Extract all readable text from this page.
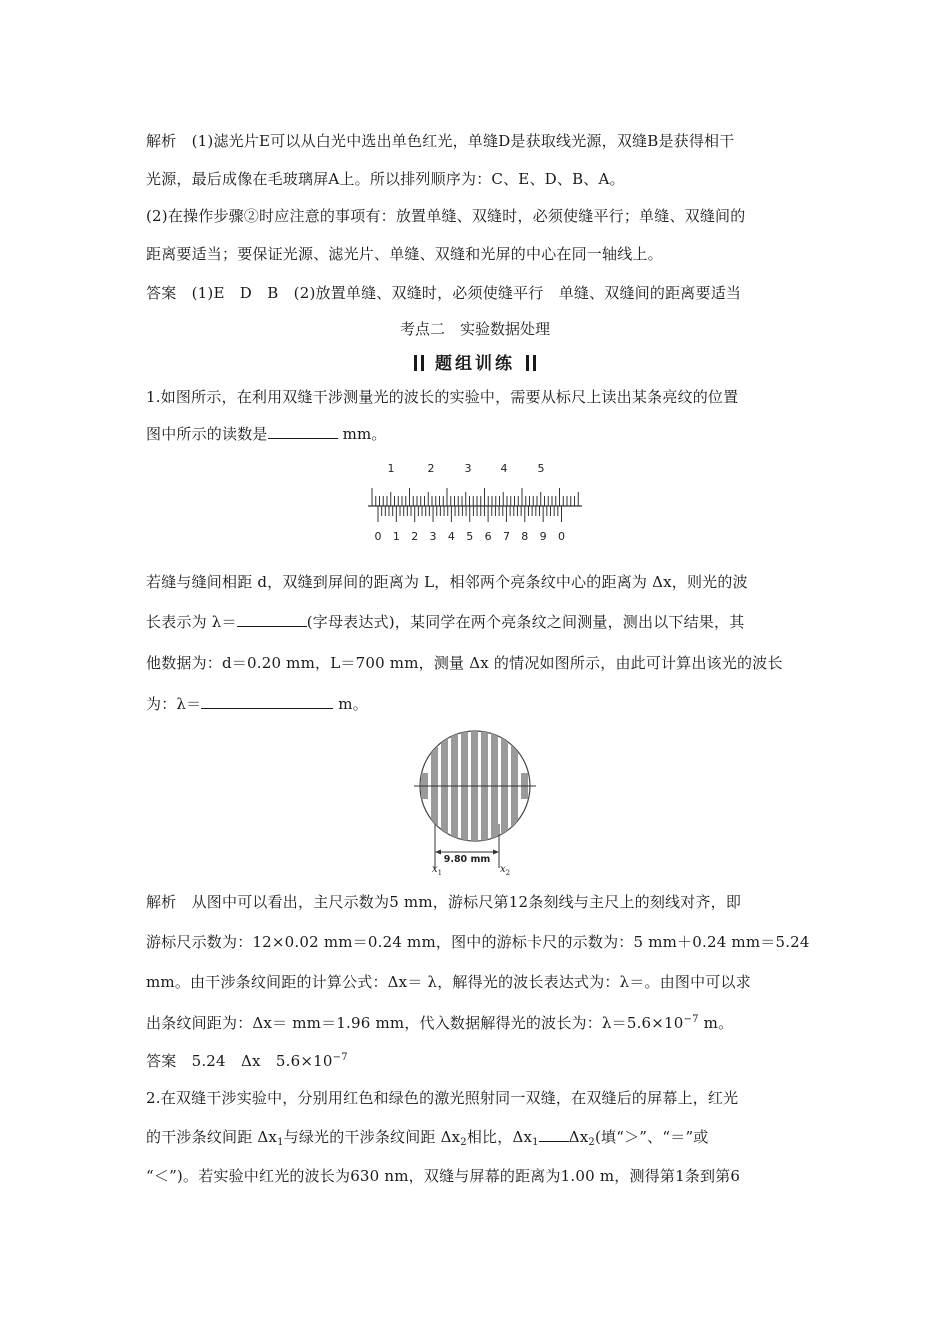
解析　(1)滤光片E可以从白光中选出单色红光，单缝D是获取线光源，双缝B是获得相干
光源，最后成像在毛玻璃屏A上。所以排列顺序为：C、E、D、B、A。
(2)在操作步骤②时应注意的事项有：放置单缝、双缝时，必须使缝平行；单缝、双缝间的
距离要适当；要保证光源、滤光片、单缝、双缝和光屏的中心在同一轴线上。
答案　(1)E　D　B　(2)放置单缝、双缝时，必须使缝平行　单缝、双缝间的距离要适当
考点二　实验数据处理
题组训练
1.如图所示，在利用双缝干涉测量光的波长的实验中，需要从标尺上读出某条亮纹的位置
图中所示的读数是	mm。
1	2	3	4	5
0 1 2 3 4 5 6 7 8 9 0
若缝与缝间相距 d，双缝到屏间的距离为 L，相邻两个亮条纹中心的距离为 Δx，则光的波
长表示为 λ＝	(字母表达式)，某同学在两个亮条纹之间测量，测出以下结果，其
他数据为：d＝0.20 mm，L＝700 mm，测量 Δx 的情况如图所示，由此可计算出该光的波长
为：λ＝	m。
9.80 mm
$x_1$	$x_2$
解析　从图中可以看出，主尺示数为5 mm，游标尺第12条刻线与主尺上的刻线对齐，即
游标尺示数为：12×0.02 mm＝0.24 mm，图中的游标卡尺的示数为：5 mm＋0.24 mm＝5.24
mm。由干涉条纹间距的计算公式：Δx＝ λ，解得光的波长表达式为：λ＝。由图中可以求
出条纹间距为：Δx＝ mm＝1.96 mm，代入数据解得光的波长为：$\lambda=5.6\times 10^{-7}$ m。
答案　5.24　Δx　$5.6\times 10^{-7}$
2.在双缝干涉实验中，分别用红色和绿色的激光照射同一双缝，在双缝后的屏幕上，红光
的干涉条纹间距 $\Delta x_1$与绿光的干涉条纹间距 $\Delta x_2$相比，$\Delta x_1$ $\Delta x_2$(填“＞”、“＝”或
“＜”)。若实验中红光的波长为630 nm，双缝与屏幕的距离为1.00 m，测得第1条到第6
